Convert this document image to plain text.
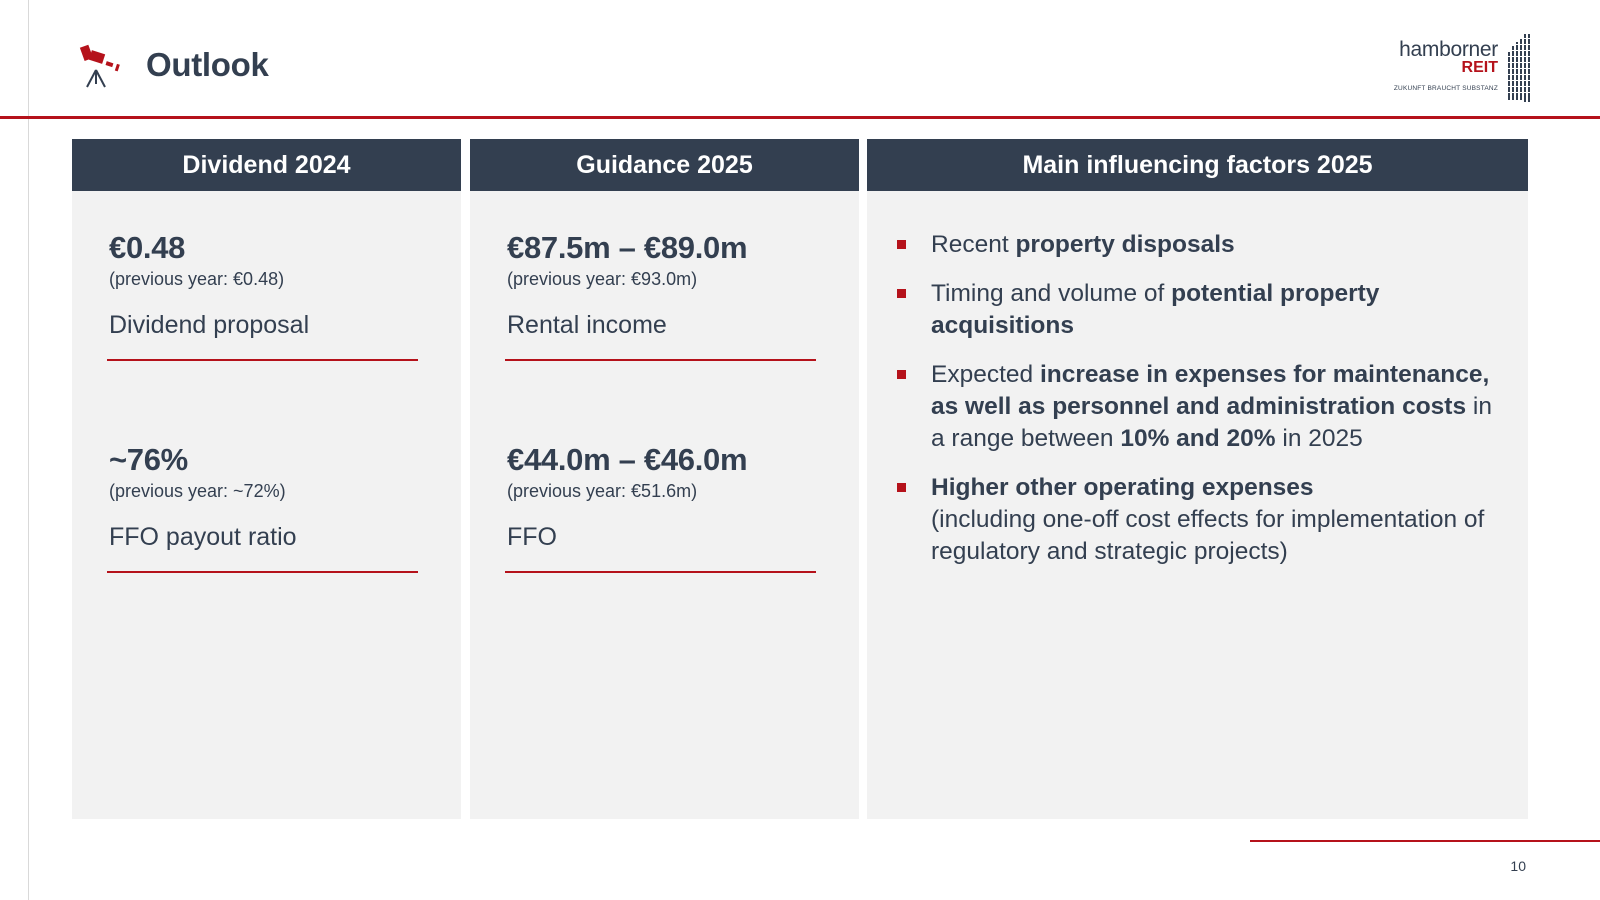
Outlook	hamborner
REIT
ZUKUNFT BRAUCHT SUBSTANZ
Dividend 2024
€0.48
(previous year: €0.48)
Dividend proposal
~76%
(previous year: ~72%)
FFO payout ratio
Guidance 2025
€87.5m – €89.0m
(previous year: €93.0m)
Rental income
€44.0m – €46.0m
(previous year: €51.6m)
FFO
Main influencing factors 2025
Recent property disposals
Timing and volume of potential property acquisitions
Expected increase in expenses for maintenance, as well as personnel and administration costs in a range between 10% and 20% in 2025
Higher other operating expenses
(including one-off cost effects for implementation of regulatory and strategic projects)
10
